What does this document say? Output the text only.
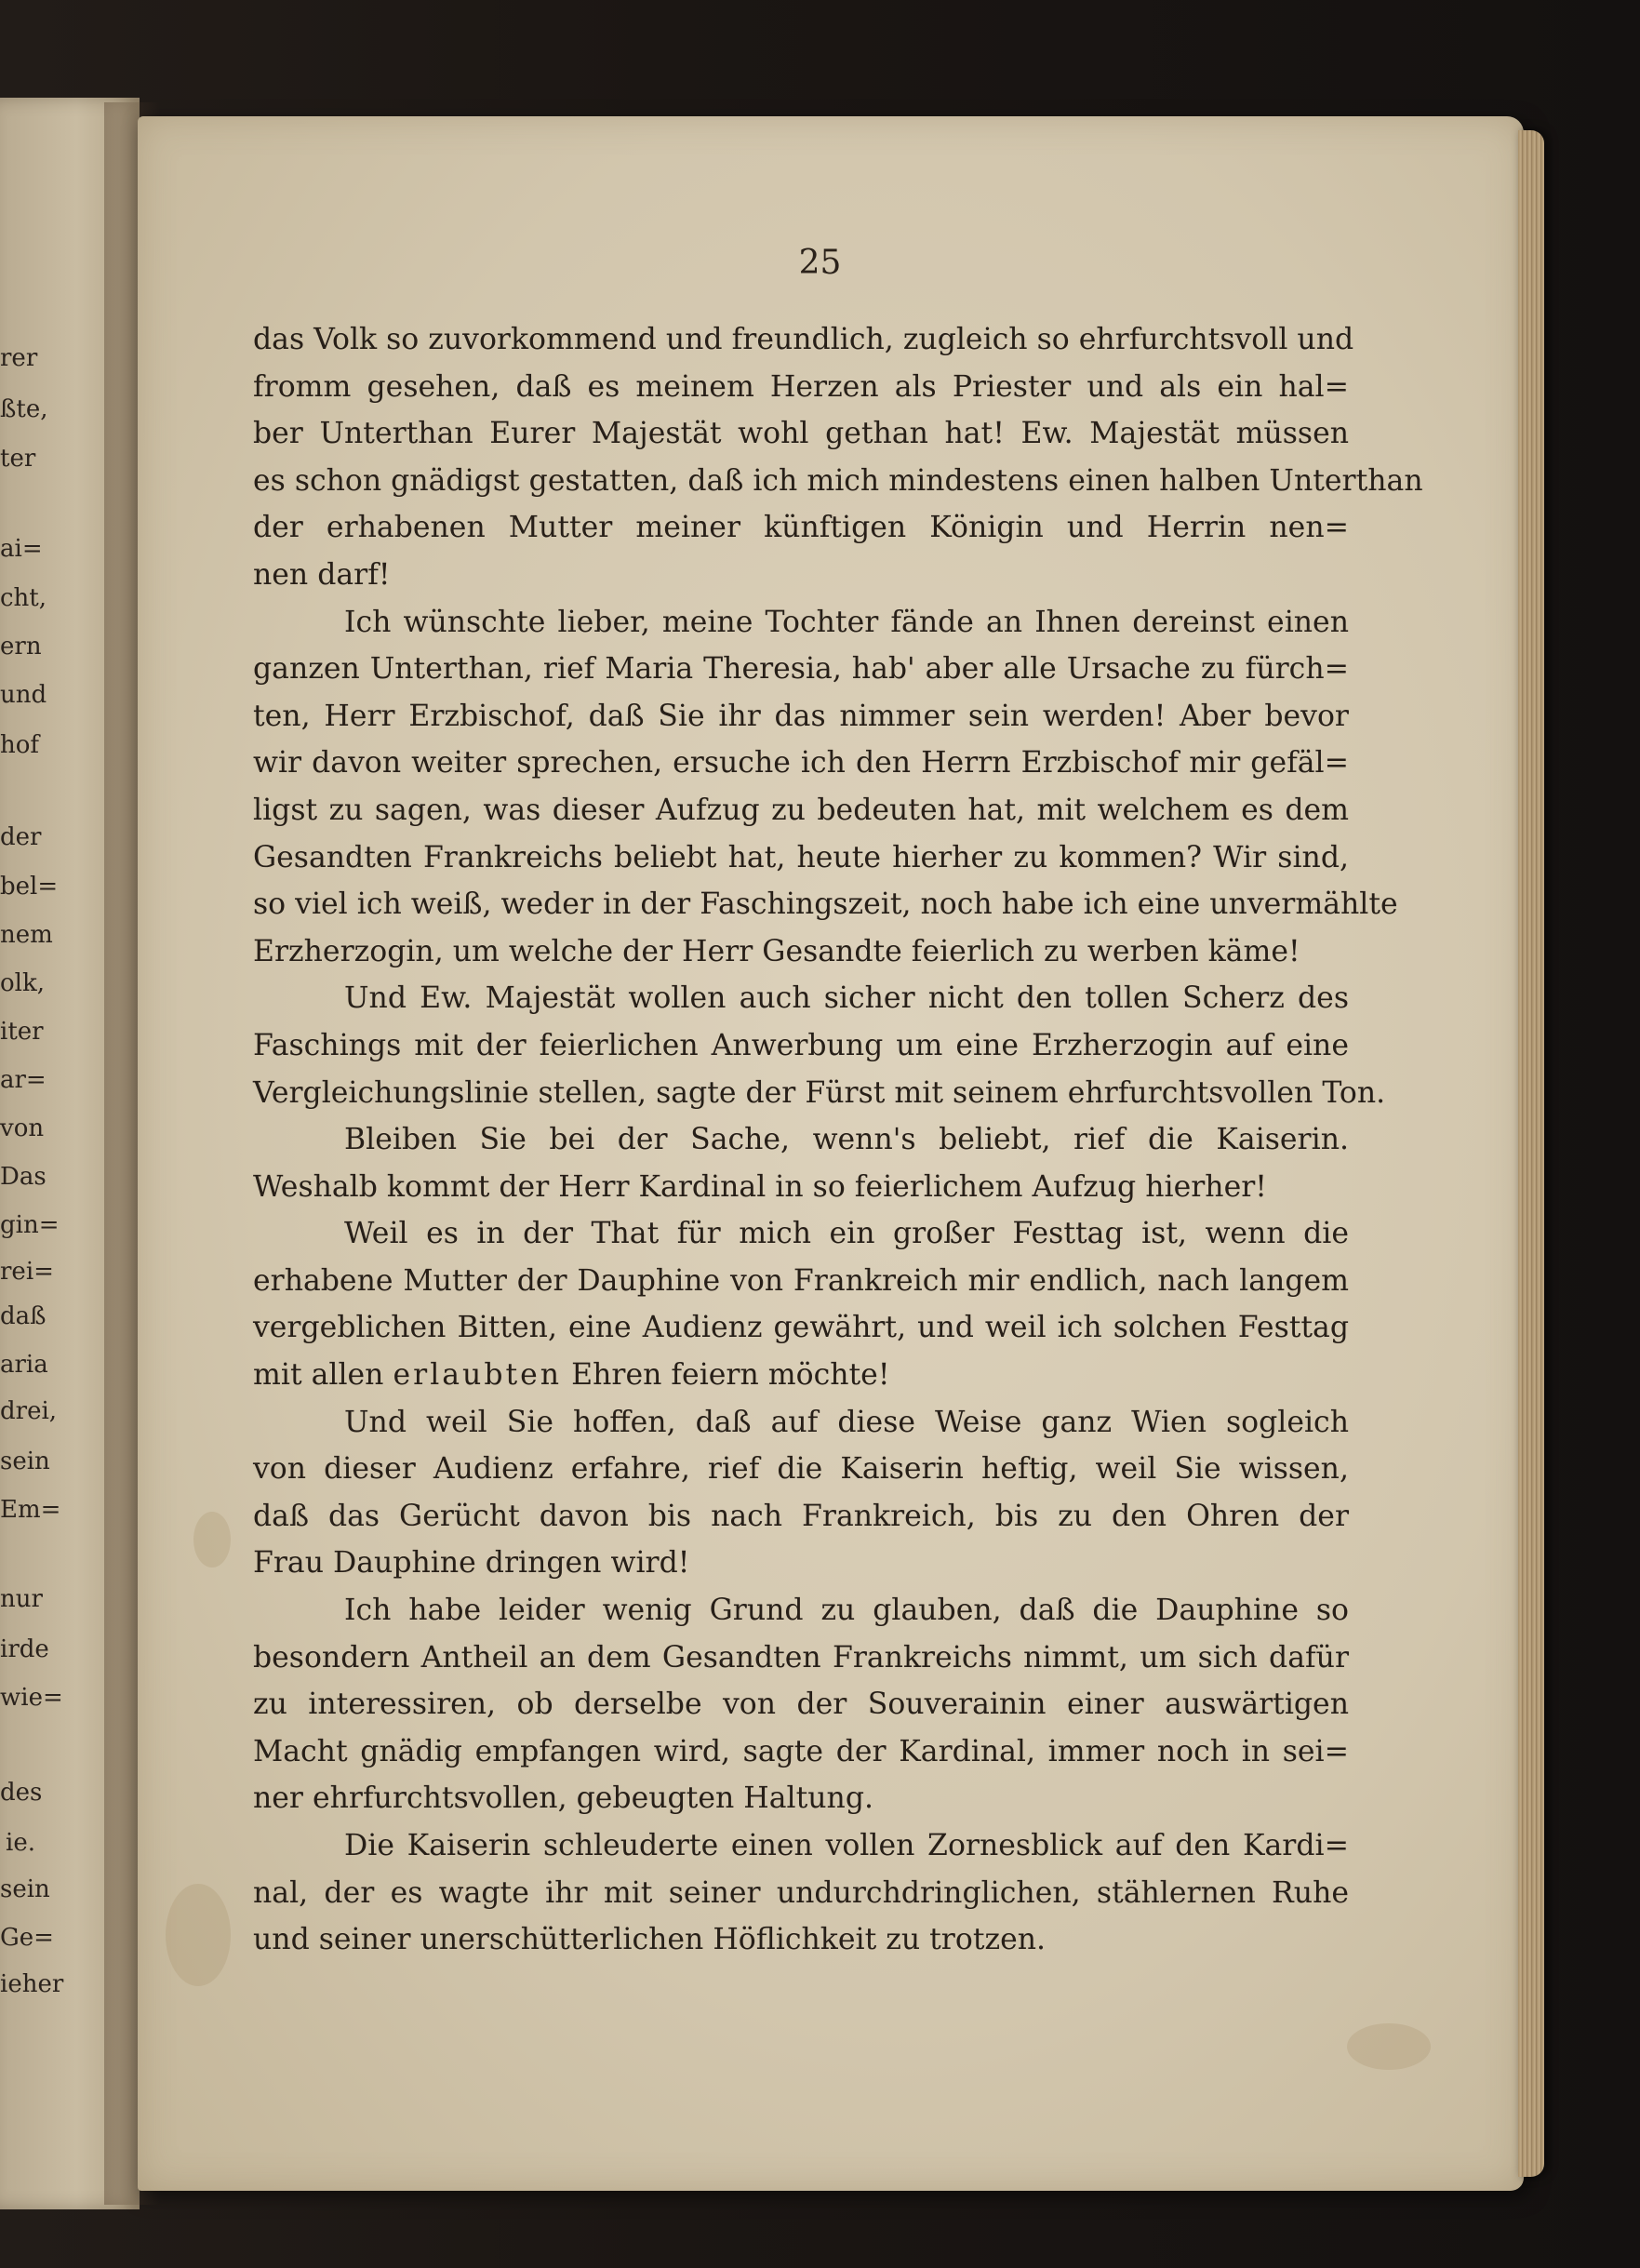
rer
ßte,
ter
ai=
cht,
ern
und
hof
der
bel=
nem
olk,
iter
ar=
von
Das
gin=
rei=
daß
aria
drei,
sein
Em=
nur
irde
wie=
des
ie.
sein
Ge=
ieher
25
das Volk so zuvorkommend und freundlich, zugleich so ehrfurchtsvoll und
fromm gesehen, daß es meinem Herzen als Priester und als ein hal=
ber Unterthan Eurer Majestät wohl gethan hat! Ew. Majestät müssen
es schon gnädigst gestatten, daß ich mich mindestens einen halben Unterthan
der erhabenen Mutter meiner künftigen Königin und Herrin nen=
nen darf!
Ich wünschte lieber, meine Tochter fände an Ihnen dereinst einen
ganzen Unterthan, rief Maria Theresia, hab' aber alle Ursache zu fürch=
ten, Herr Erzbischof, daß Sie ihr das nimmer sein werden! Aber bevor
wir davon weiter sprechen, ersuche ich den Herrn Erzbischof mir gefäl=
ligst zu sagen, was dieser Aufzug zu bedeuten hat, mit welchem es dem
Gesandten Frankreichs beliebt hat, heute hierher zu kommen? Wir sind,
so viel ich weiß, weder in der Faschingszeit, noch habe ich eine unvermählte
Erzherzogin, um welche der Herr Gesandte feierlich zu werben käme!
Und Ew. Majestät wollen auch sicher nicht den tollen Scherz des
Faschings mit der feierlichen Anwerbung um eine Erzherzogin auf eine
Vergleichungslinie stellen, sagte der Fürst mit seinem ehrfurchtsvollen Ton.
Bleiben Sie bei der Sache, wenn's beliebt, rief die Kaiserin.
Weshalb kommt der Herr Kardinal in so feierlichem Aufzug hierher!
Weil es in der That für mich ein großer Festtag ist, wenn die
erhabene Mutter der Dauphine von Frankreich mir endlich, nach langem
vergeblichen Bitten, eine Audienz gewährt, und weil ich solchen Festtag
mit allen erlaubten Ehren feiern möchte!
Und weil Sie hoffen, daß auf diese Weise ganz Wien sogleich
von dieser Audienz erfahre, rief die Kaiserin heftig, weil Sie wissen,
daß das Gerücht davon bis nach Frankreich, bis zu den Ohren der
Frau Dauphine dringen wird!
Ich habe leider wenig Grund zu glauben, daß die Dauphine so
besondern Antheil an dem Gesandten Frankreichs nimmt, um sich dafür
zu interessiren, ob derselbe von der Souverainin einer auswärtigen
Macht gnädig empfangen wird, sagte der Kardinal, immer noch in sei=
ner ehrfurchtsvollen, gebeugten Haltung.
Die Kaiserin schleuderte einen vollen Zornesblick auf den Kardi=
nal, der es wagte ihr mit seiner undurchdringlichen, stählernen Ruhe
und seiner unerschütterlichen Höflichkeit zu trotzen.
